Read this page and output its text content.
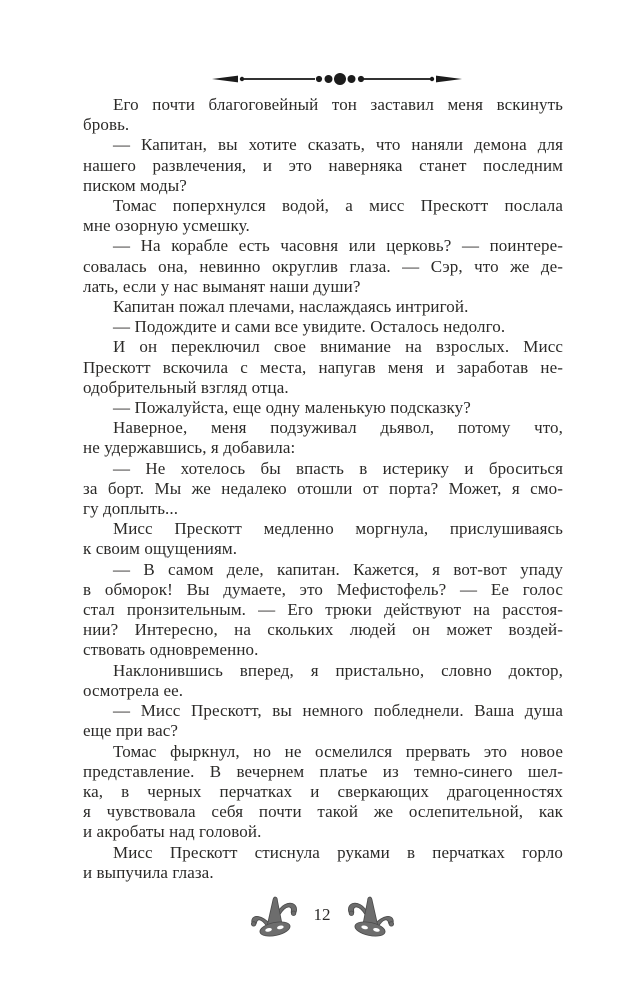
Его почти благоговейный тон заставил меня вскинуть
бровь.
— Капитан, вы хотите сказать, что наняли демона для
нашего развлечения, и это наверняка станет последним
писком моды?
Томас поперхнулся водой, а мисс Прескотт послала
мне озорную усмешку.
— На корабле есть часовня или церковь? — поинтере-
совалась она, невинно округлив глаза. — Сэр, что же де-
лать, если у нас выманят наши души?
Капитан пожал плечами, наслаждаясь интригой.
— Подождите и сами все увидите. Осталось недолго.
И он переключил свое внимание на взрослых. Мисс
Прескотт вскочила с места, напугав меня и заработав не-
одобрительный взгляд отца.
— Пожалуйста, еще одну маленькую подсказку?
Наверное, меня подзуживал дьявол, потому что,
не удержавшись, я добавила:
— Не хотелось бы впасть в истерику и броситься
за борт. Мы же недалеко отошли от порта? Может, я смо-
гу доплыть...
Мисс Прескотт медленно моргнула, прислушиваясь
к своим ощущениям.
— В самом деле, капитан. Кажется, я вот-вот упаду
в обморок! Вы думаете, это Мефистофель? — Ее голос
стал пронзительным. — Его трюки действуют на расстоя-
нии? Интересно, на скольких людей он может воздей-
ствовать одновременно.
Наклонившись вперед, я пристально, словно доктор,
осмотрела ее.
— Мисс Прескотт, вы немного побледнели. Ваша душа
еще при вас?
Томас фыркнул, но не осмелился прервать это новое
представление. В вечернем платье из темно-синего шел-
ка, в черных перчатках и сверкающих драгоценностях
я чувствовала себя почти такой же ослепительной, как
и акробаты над головой.
Мисс Прескотт стиснула руками в перчатках горло
и выпучила глаза.
12
